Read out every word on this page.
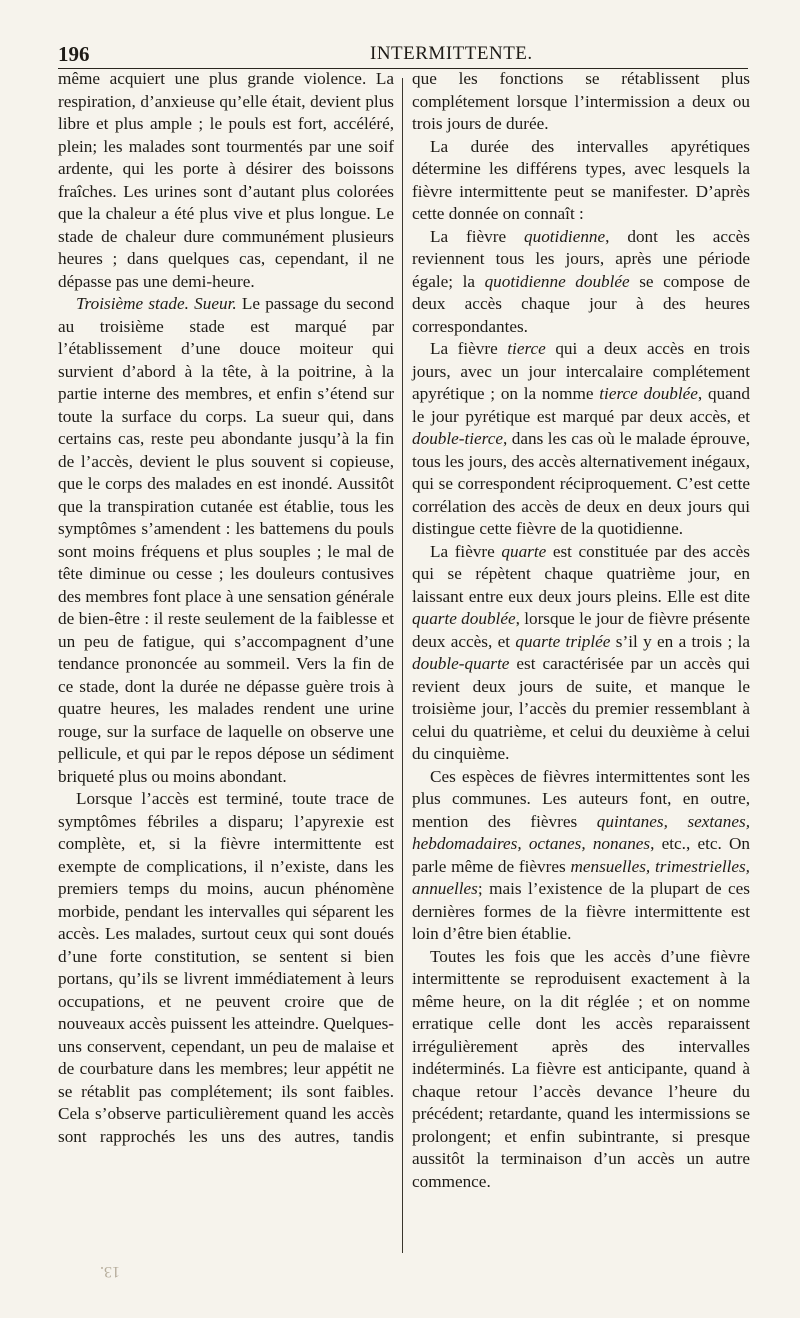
196	INTERMITTENTE.

même acquiert une plus grande violence. La respiration, d’anxieuse qu’elle était, devient plus libre et plus ample ; le pouls est fort, accéléré, plein; les malades sont tourmentés par une soif ardente, qui les porte à désirer des boissons fraîches. Les urines sont d’autant plus colorées que la chaleur a été plus vive et plus longue. Le stade de chaleur dure communément plusieurs heures ; dans quelques cas, cependant, il ne dépasse pas une demi-heure.

Troisième stade. Sueur. Le passage du second au troisième stade est marqué par l’établissement d’une douce moiteur qui survient d’abord à la tête, à la poitrine, à la partie interne des membres, et enfin s’étend sur toute la surface du corps. La sueur qui, dans certains cas, reste peu abondante jusqu’à la fin de l’accès, devient le plus souvent si copieuse, que le corps des malades en est inondé. Aussitôt que la transpiration cutanée est établie, tous les symptômes s’amendent : les battemens du pouls sont moins fréquens et plus souples ; le mal de tête diminue ou cesse ; les douleurs contusives des membres font place à une sensation générale de bien-être : il reste seulement de la faiblesse et un peu de fatigue, qui s’accompagnent d’une tendance prononcée au sommeil. Vers la fin de ce stade, dont la durée ne dépasse guère trois à quatre heures, les malades rendent une urine rouge, sur la surface de laquelle on observe une pellicule, et qui par le repos dépose un sédiment briqueté plus ou moins abondant.

Lorsque l’accès est terminé, toute trace de symptômes fébriles a disparu; l’apyrexie est complète, et, si la fièvre intermittente est exempte de complications, il n’existe, dans les premiers temps du moins, aucun phénomène morbide, pendant les intervalles qui séparent les accès. Les malades, surtout ceux qui sont doués d’une forte constitution, se sentent si bien portans, qu’ils se livrent immédiatement à leurs occupations, et ne peuvent croire que de nouveaux accès puissent les atteindre. Quelques-uns conservent, cependant, un peu de malaise et de courbature dans les membres; leur appétit ne se rétablit pas complétement; ils sont faibles. Cela s’observe particulièrement quand les accès sont rapprochés les uns des autres, tandis

que les fonctions se rétablissent plus complétement lorsque l’intermission a deux ou trois jours de durée.

La durée des intervalles apyrétiques détermine les différens types, avec lesquels la fièvre intermittente peut se manifester. D’après cette donnée on connaît :

La fièvre quotidienne, dont les accès reviennent tous les jours, après une période égale; la quotidienne doublée se compose de deux accès chaque jour à des heures correspondantes.

La fièvre tierce qui a deux accès en trois jours, avec un jour intercalaire complétement apyrétique ; on la nomme tierce doublée, quand le jour pyrétique est marqué par deux accès, et double-tierce, dans les cas où le malade éprouve, tous les jours, des accès alternativement inégaux, qui se correspondent réciproquement. C’est cette corrélation des accès de deux en deux jours qui distingue cette fièvre de la quotidienne.

La fièvre quarte est constituée par des accès qui se répètent chaque quatrième jour, en laissant entre eux deux jours pleins. Elle est dite quarte doublée, lorsque le jour de fièvre présente deux accès, et quarte triplée s’il y en a trois ; la double-quarte est caractérisée par un accès qui revient deux jours de suite, et manque le troisième jour, l’accès du premier ressemblant à celui du quatrième, et celui du deuxième à celui du cinquième.

Ces espèces de fièvres intermittentes sont les plus communes. Les auteurs font, en outre, mention des fièvres quintanes, sextanes, hebdomadaires, octanes, nonanes, etc., etc. On parle même de fièvres mensuelles, trimestrielles, annuelles; mais l’existence de la plupart de ces dernières formes de la fièvre intermittente est loin d’être bien établie.

Toutes les fois que les accès d’une fièvre intermittente se reproduisent exactement à la même heure, on la dit réglée ; et on nomme erratique celle dont les accès reparaissent irrégulièrement après des intervalles indéterminés. La fièvre est anticipante, quand à chaque retour l’accès devance l’heure du précédent; retardante, quand les intermissions se prolongent; et enfin subintrante, si presque aussitôt la terminaison d’un accès un autre commence.

13.
